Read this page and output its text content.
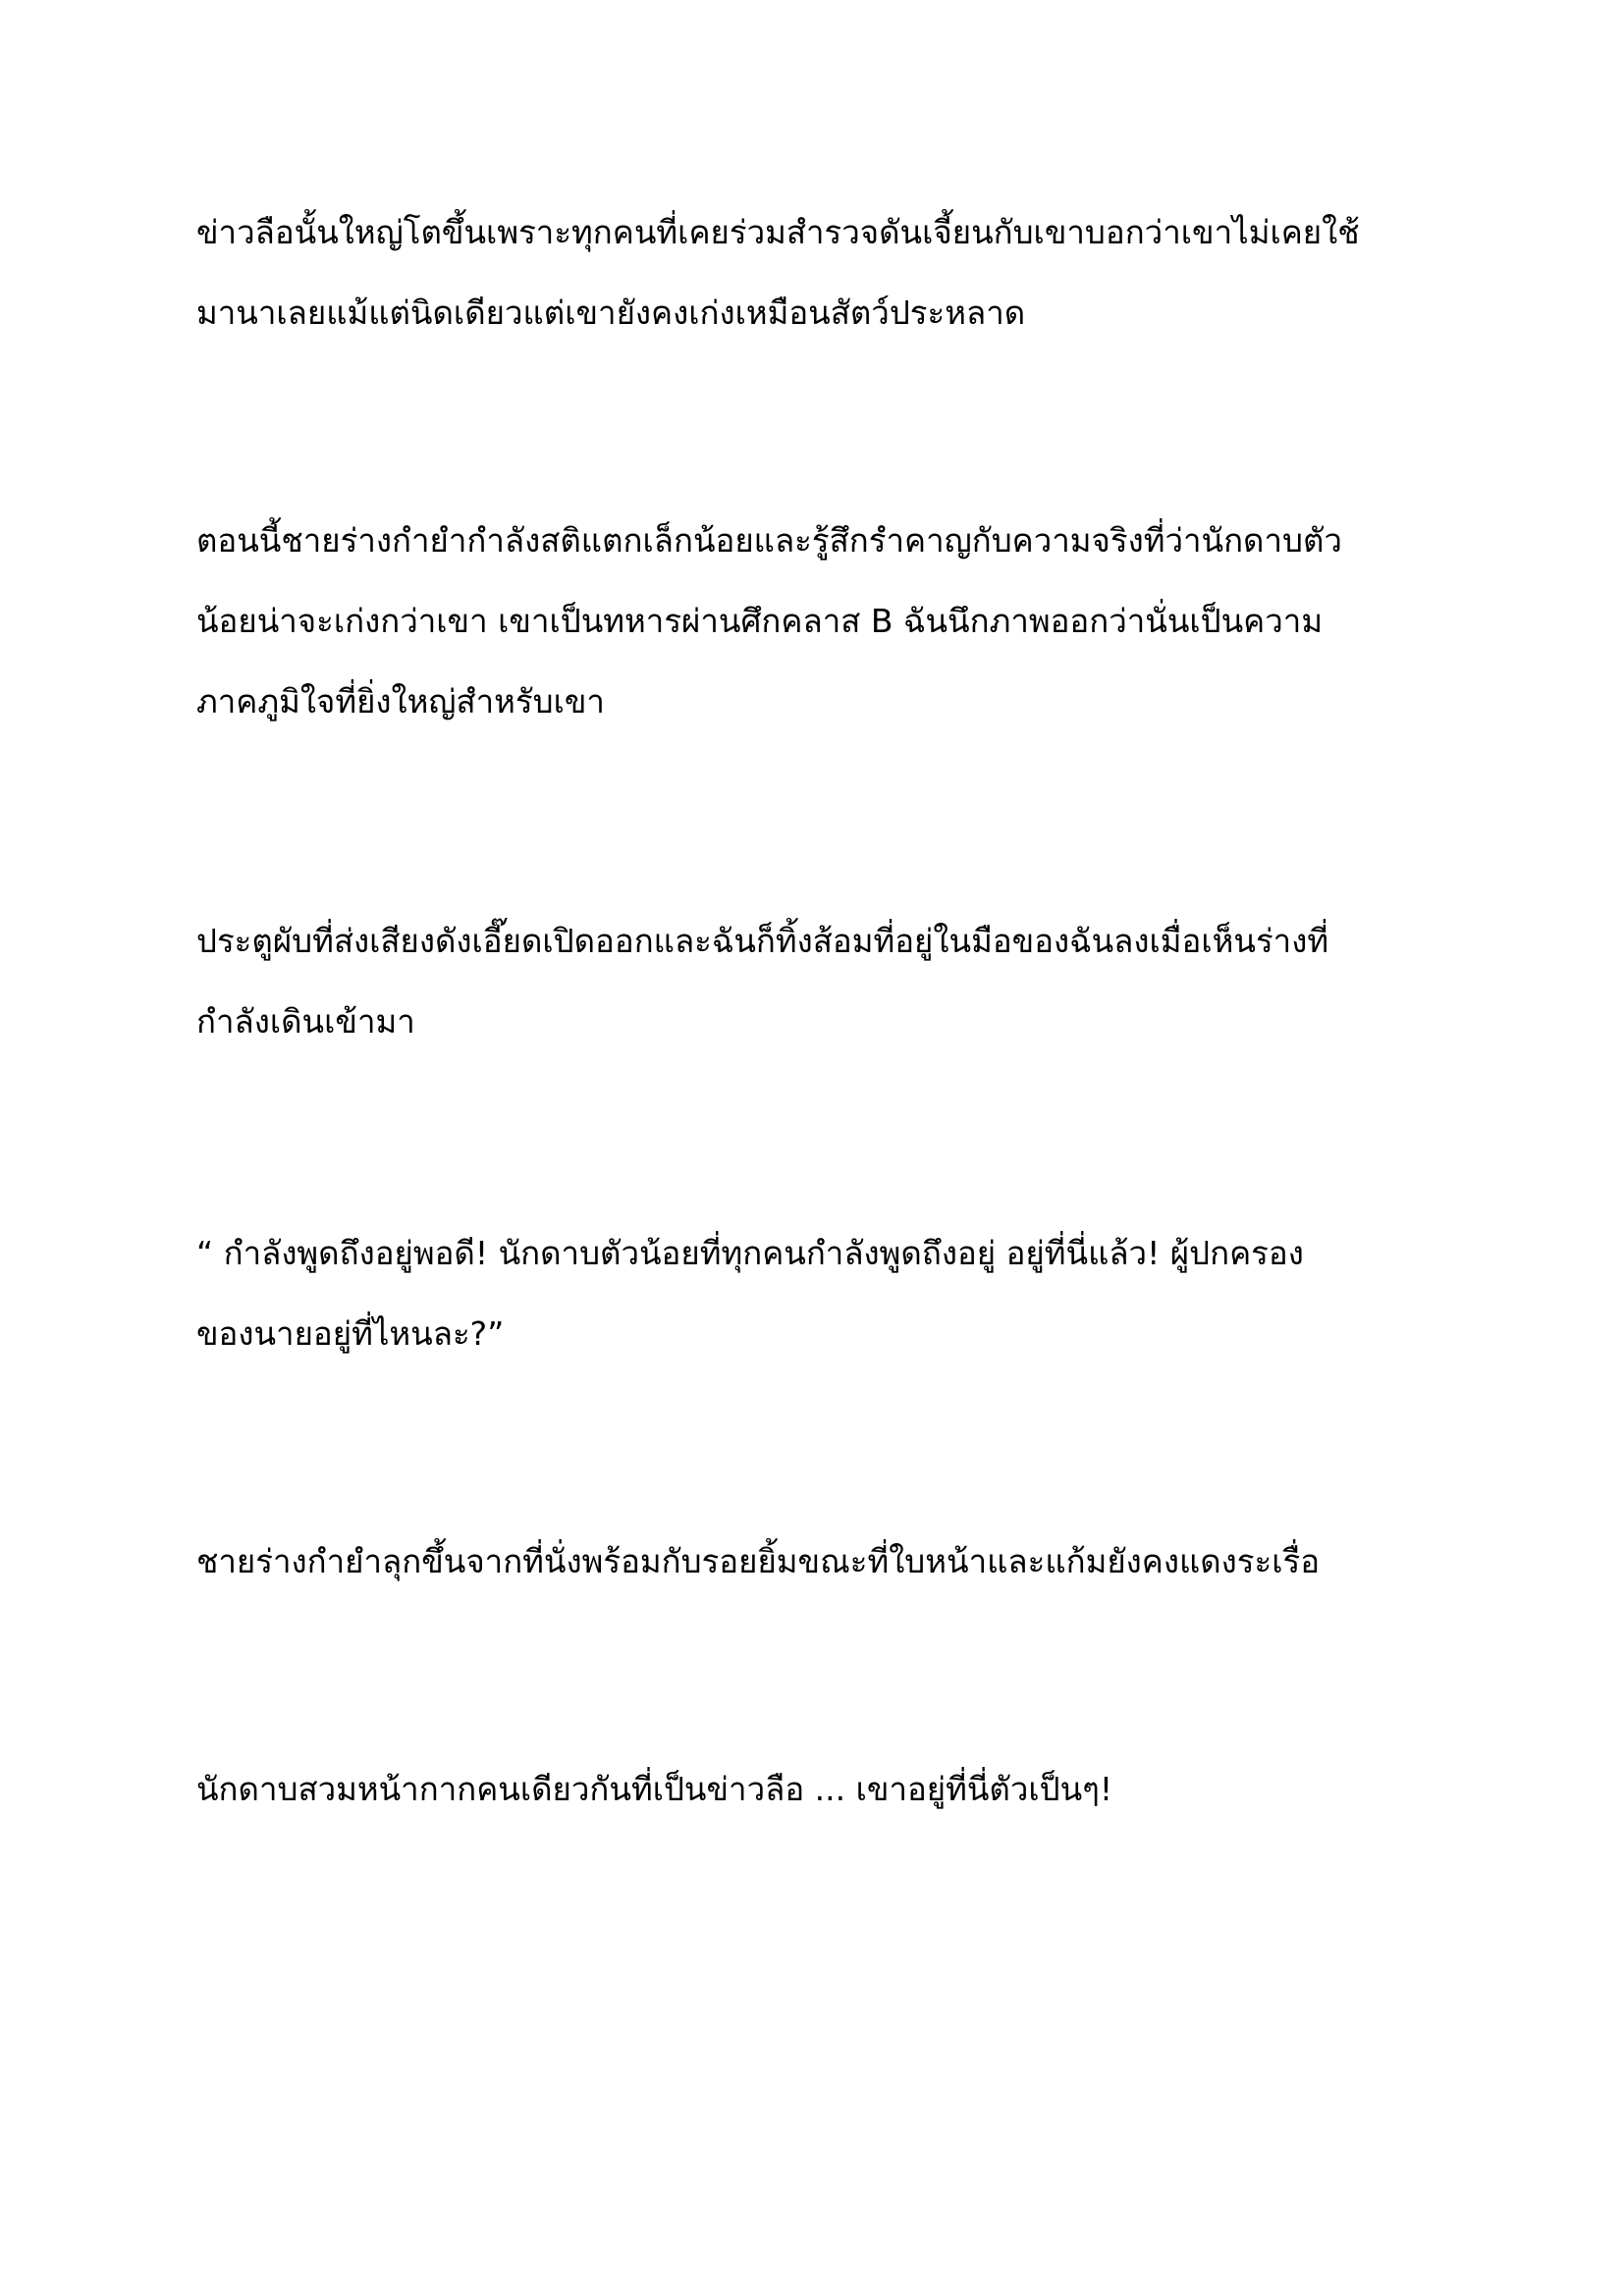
ข่าวลือนั้นใหญ่โตขึ้นเพราะทุกคนที่เคยร่วมสำรวจดันเจี้ยนกับเขาบอกว่าเขาไม่เคยใช้
มานาเลยแม้แต่นิดเดียวแต่เขายังคงเก่งเหมือนสัตว์ประหลาด

ตอนนี้ชายร่างกำยำกำลังสติแตกเล็กน้อยและรู้สึกรำคาญกับความจริงที่ว่านักดาบตัว
น้อยน่าจะเก่งกว่าเขา เขาเป็นทหารผ่านศึกคลาส B ฉันนึกภาพออกว่านั่นเป็นความ
ภาคภูมิใจที่ยิ่งใหญ่สำหรับเขา

ประตูผับที่ส่งเสียงดังเอี๊ยดเปิดออกและฉันก็ทิ้งส้อมที่อยู่ในมือของฉันลงเมื่อเห็นร่างที่
กำลังเดินเข้ามา

“ กำลังพูดถึงอยู่พอดี! นักดาบตัวน้อยที่ทุกคนกำลังพูดถึงอยู่ อยู่ที่นี่แล้ว! ผู้ปกครอง
ของนายอยู่ที่ไหนละ?”

ชายร่างกำยำลุกขึ้นจากที่นั่งพร้อมกับรอยยิ้มขณะที่ใบหน้าและแก้มยังคงแดงระเรื่อ

นักดาบสวมหน้ากากคนเดียวกันที่เป็นข่าวลือ ... เขาอยู่ที่นี่ตัวเป็นๆ!
